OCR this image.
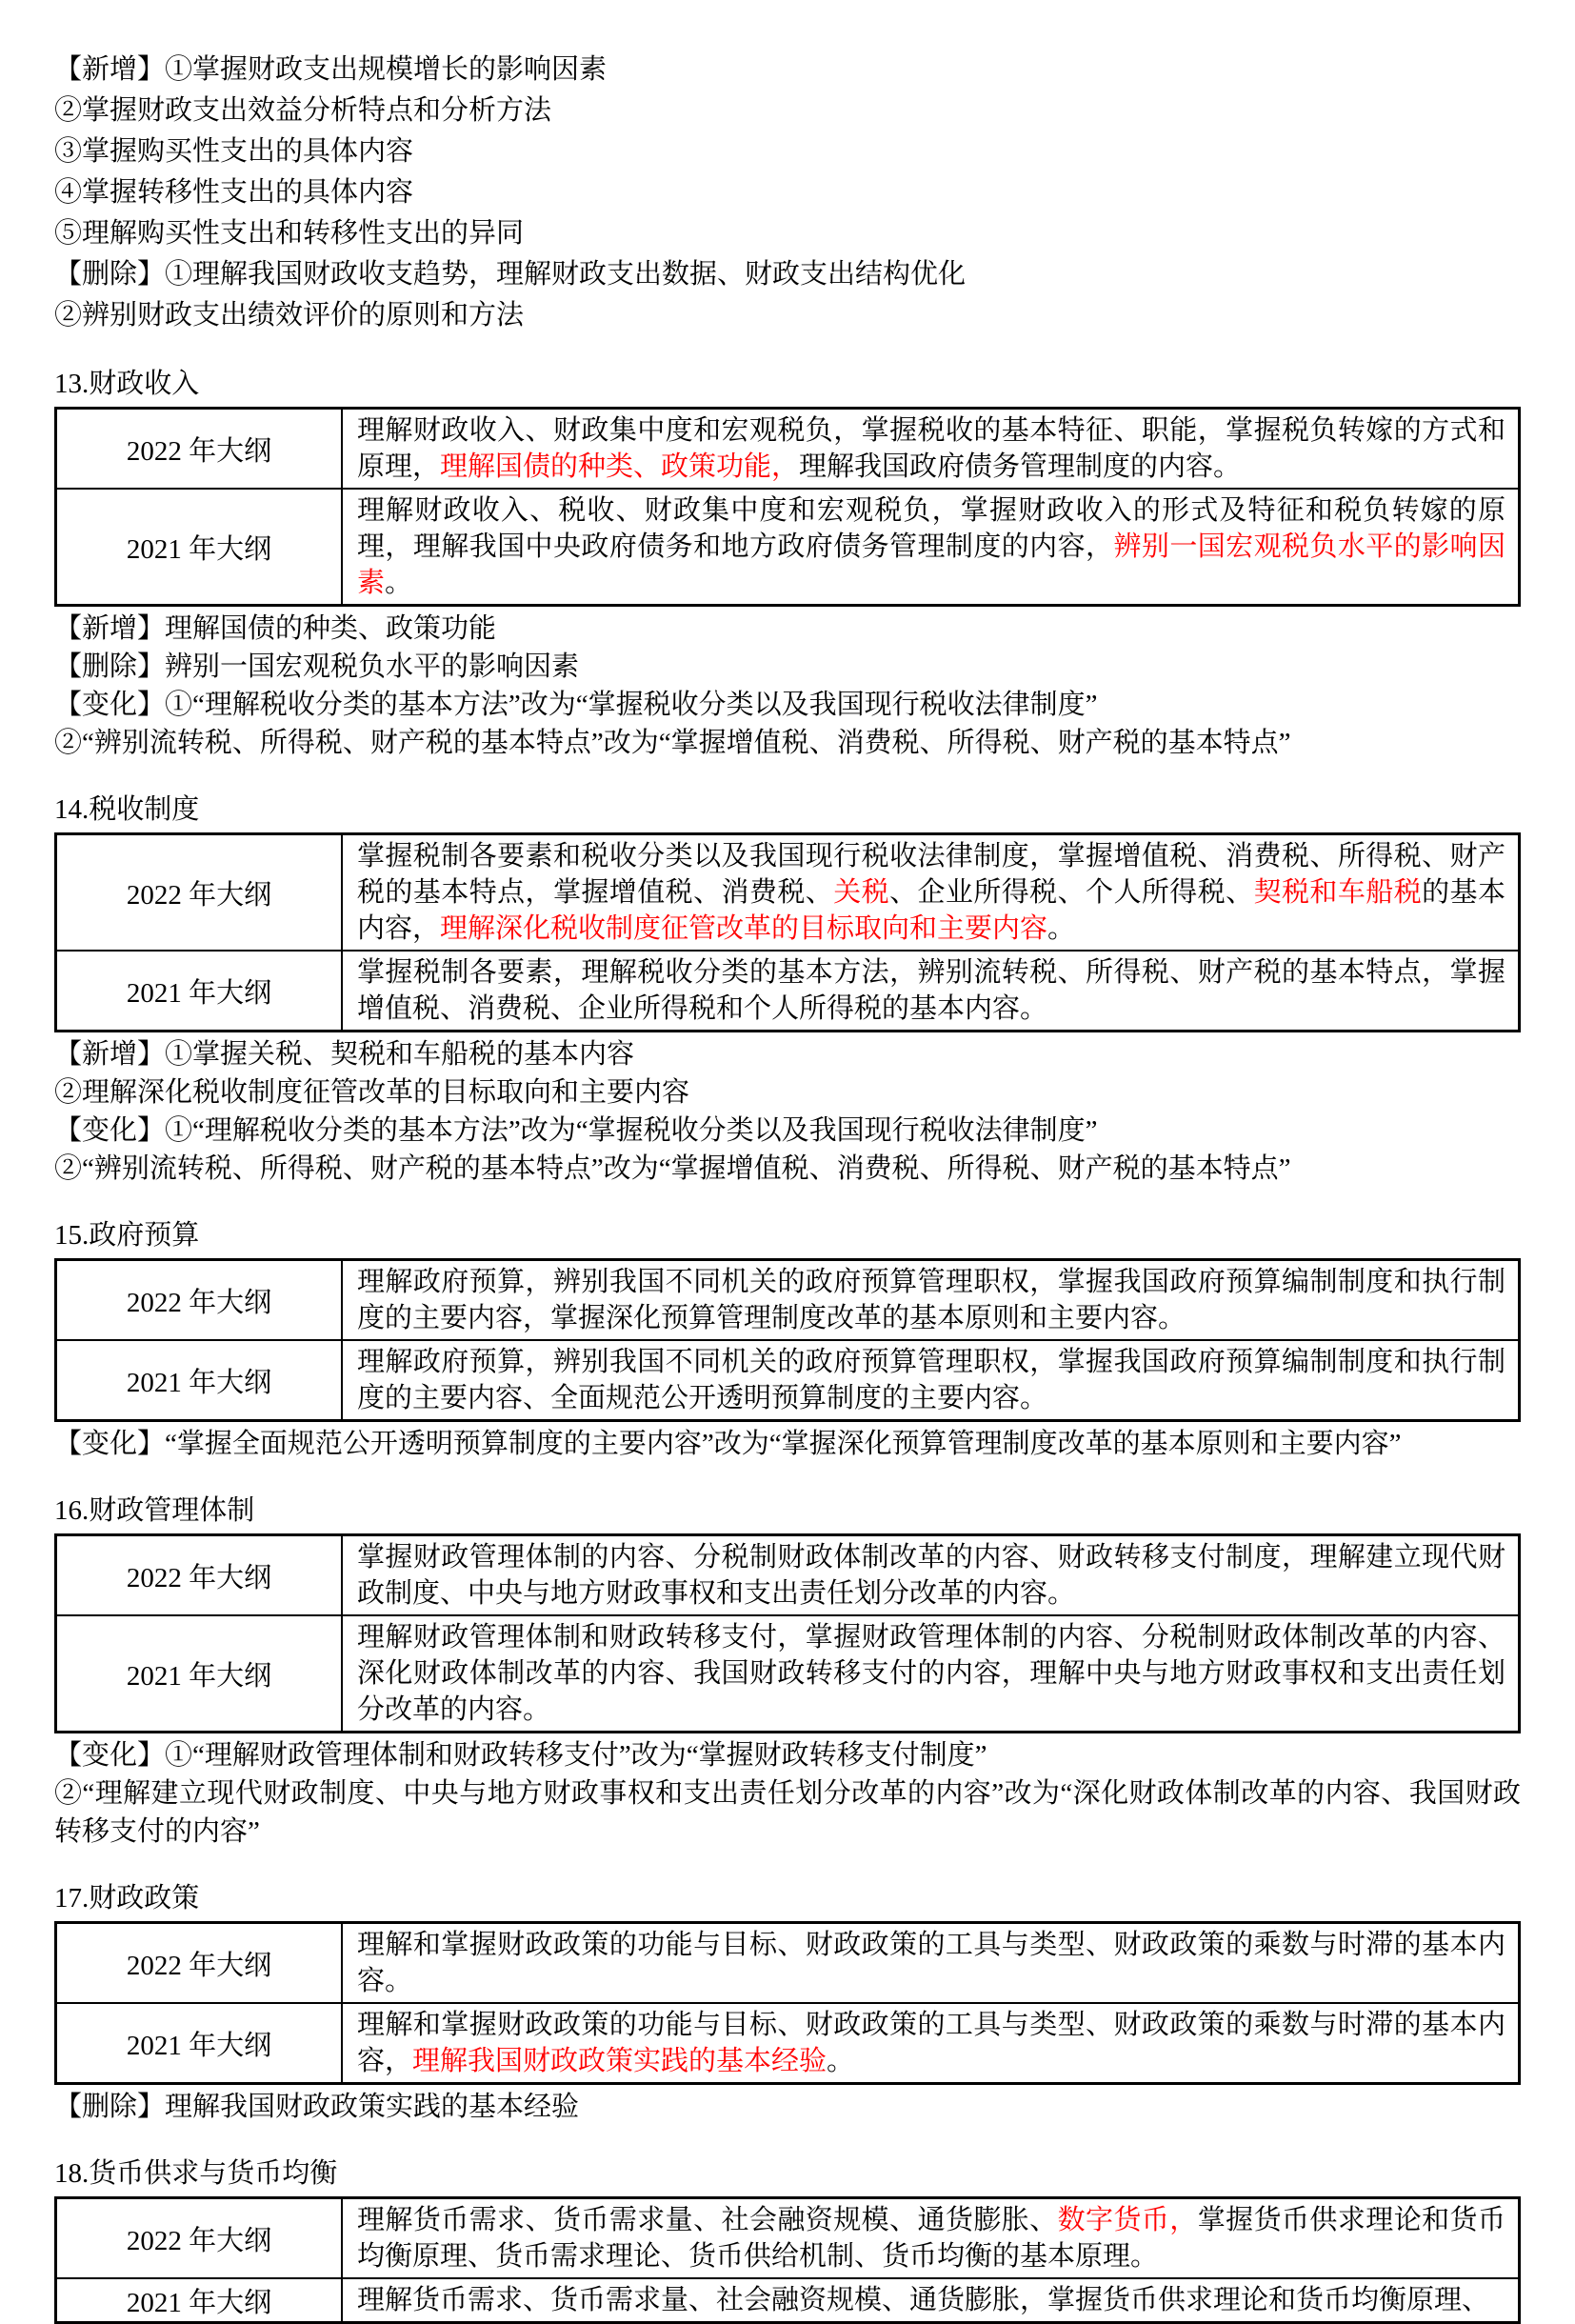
【新增】①掌握财政支出规模增长的影响因素
②掌握财政支出效益分析特点和分析方法
③掌握购买性支出的具体内容
④掌握转移性支出的具体内容
⑤理解购买性支出和转移性支出的异同
【删除】①理解我国财政收支趋势，理解财政支出数据、财政支出结构优化
②辨别财政支出绩效评价的原则和方法
13.财政收入
2022 年大纲	理解财政收入、财政集中度和宏观税负，掌握税收的基本特征、职能，掌握税负转嫁的方式和原理，理解国债的种类、政策功能，理解我国政府债务管理制度的内容。
2021 年大纲	理解财政收入、税收、财政集中度和宏观税负，掌握财政收入的形式及特征和税负转嫁的原理，理解我国中央政府债务和地方政府债务管理制度的内容，辨别一国宏观税负水平的影响因素。
【新增】理解国债的种类、政策功能
【删除】辨别一国宏观税负水平的影响因素
【变化】①“理解税收分类的基本方法”改为“掌握税收分类以及我国现行税收法律制度”
②“辨别流转税、所得税、财产税的基本特点”改为“掌握增值税、消费税、所得税、财产税的基本特点”
14.税收制度
2022 年大纲	掌握税制各要素和税收分类以及我国现行税收法律制度，掌握增值税、消费税、所得税、财产税的基本特点，掌握增值税、消费税、关税、企业所得税、个人所得税、契税和车船税的基本内容，理解深化税收制度征管改革的目标取向和主要内容。
2021 年大纲	掌握税制各要素，理解税收分类的基本方法，辨别流转税、所得税、财产税的基本特点，掌握增值税、消费税、企业所得税和个人所得税的基本内容。
【新增】①掌握关税、契税和车船税的基本内容
②理解深化税收制度征管改革的目标取向和主要内容
【变化】①“理解税收分类的基本方法”改为“掌握税收分类以及我国现行税收法律制度”
②“辨别流转税、所得税、财产税的基本特点”改为“掌握增值税、消费税、所得税、财产税的基本特点”
15.政府预算
2022 年大纲	理解政府预算，辨别我国不同机关的政府预算管理职权，掌握我国政府预算编制制度和执行制度的主要内容，掌握深化预算管理制度改革的基本原则和主要内容。
2021 年大纲	理解政府预算，辨别我国不同机关的政府预算管理职权，掌握我国政府预算编制制度和执行制度的主要内容、全面规范公开透明预算制度的主要内容。
【变化】“掌握全面规范公开透明预算制度的主要内容”改为“掌握深化预算管理制度改革的基本原则和主要内容”
16.财政管理体制
2022 年大纲	掌握财政管理体制的内容、分税制财政体制改革的内容、财政转移支付制度，理解建立现代财政制度、中央与地方财政事权和支出责任划分改革的内容。
2021 年大纲	理解财政管理体制和财政转移支付，掌握财政管理体制的内容、分税制财政体制改革的内容、深化财政体制改革的内容、我国财政转移支付的内容，理解中央与地方财政事权和支出责任划分改革的内容。
【变化】①“理解财政管理体制和财政转移支付”改为“掌握财政转移支付制度”
②“理解建立现代财政制度、中央与地方财政事权和支出责任划分改革的内容”改为“深化财政体制改革的内容、我国财政转移支付的内容”
17.财政政策
2022 年大纲	理解和掌握财政政策的功能与目标、财政政策的工具与类型、财政政策的乘数与时滞的基本内容。
2021 年大纲	理解和掌握财政政策的功能与目标、财政政策的工具与类型、财政政策的乘数与时滞的基本内容，理解我国财政政策实践的基本经验。
【删除】理解我国财政政策实践的基本经验
18.货币供求与货币均衡
2022 年大纲	理解货币需求、货币需求量、社会融资规模、通货膨胀、数字货币，掌握货币供求理论和货币均衡原理、货币需求理论、货币供给机制、货币均衡的基本原理。
2021 年大纲	理解货币需求、货币需求量、社会融资规模、通货膨胀，掌握货币供求理论和货币均衡原理、
